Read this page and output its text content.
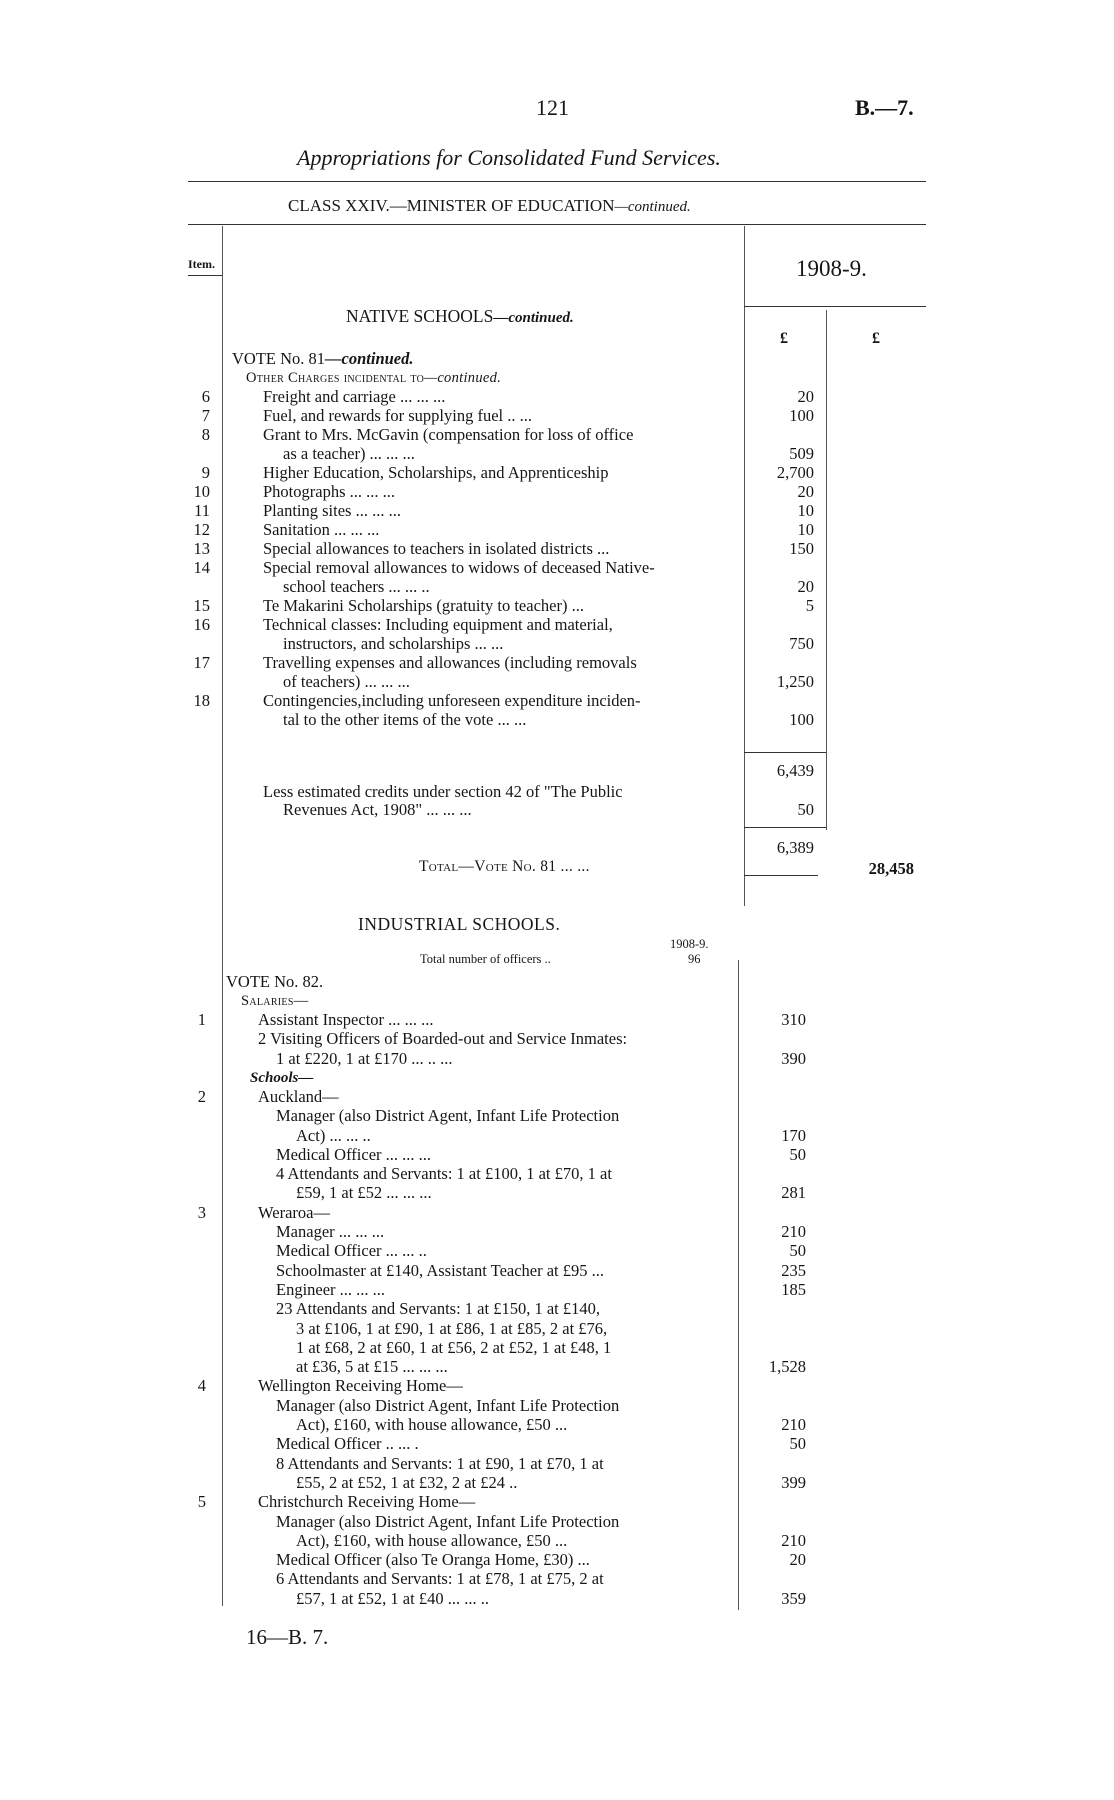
121	B.—7.
Appropriations for Consolidated Fund Services.
CLASS XXIV.—MINISTER OF EDUCATION—continued.
Item.	1908-9.
£	£
NATIVE SCHOOLS—continued.
VOTE No. 81—continued.
Other Charges incidental to—continued.
6	Freight and carriage ... ... ...	20
7	Fuel, and rewards for supplying fuel .. ...	100
8	Grant to Mrs. McGavin (compensation for loss of office
as a teacher) ... ... ...	509
9	Higher Education, Scholarships, and Apprenticeship	2,700
10	Photographs ... ... ...	20
11	Planting sites ... ... ...	10
12	Sanitation ... ... ...	10
13	Special allowances to teachers in isolated districts ...	150
14	Special removal allowances to widows of deceased Native-
school teachers ... ... ..	20
15	Te Makarini Scholarships (gratuity to teacher) ...	5
16	Technical classes: Including equipment and material,
instructors, and scholarships ... ...	750
17	Travelling expenses and allowances (including removals
of teachers) ... ... ...	1,250
18	Contingencies,including unforeseen expenditure inciden-
tal to the other items of the vote ... ...	100
6,439
Less estimated credits under section 42 of "The Public
Revenues Act, 1908" ... ... ...	50
6,389
Total—Vote No. 81 ... ...	28,458
INDUSTRIAL SCHOOLS.
1908-9.
Total number of officers ..	96
VOTE No. 82.
Salaries—
Schools—
1	Assistant Inspector ... ... ...	310
2 Visiting Officers of Boarded-out and Service Inmates:
1 at £220, 1 at £170 ... .. ...	390
2	Auckland—
Manager (also District Agent, Infant Life Protection
Act) ... ... ..	170
Medical Officer ... ... ...	50
4 Attendants and Servants: 1 at £100, 1 at £70, 1 at
£59, 1 at £52 ... ... ...	281
3	Weraroa—
Manager ... ... ...	210
Medical Officer ... ... ..	50
Schoolmaster at £140, Assistant Teacher at £95 ...	235
Engineer ... ... ...	185
23 Attendants and Servants: 1 at £150, 1 at £140,
3 at £106, 1 at £90, 1 at £86, 1 at £85, 2 at £76,
1 at £68, 2 at £60, 1 at £56, 2 at £52, 1 at £48, 1
at £36, 5 at £15 ... ... ...	1,528
4	Wellington Receiving Home—
Manager (also District Agent, Infant Life Protection
Act), £160, with house allowance, £50 ...	210
Medical Officer .. ... .	50
8 Attendants and Servants: 1 at £90, 1 at £70, 1 at
£55, 2 at £52, 1 at £32, 2 at £24 ..	399
5	Christchurch Receiving Home—
Manager (also District Agent, Infant Life Protection
Act), £160, with house allowance, £50 ...	210
Medical Officer (also Te Oranga Home, £30) ...	20
6 Attendants and Servants: 1 at £78, 1 at £75, 2 at
£57, 1 at £52, 1 at £40 ... ... ..	359
16—B. 7.
